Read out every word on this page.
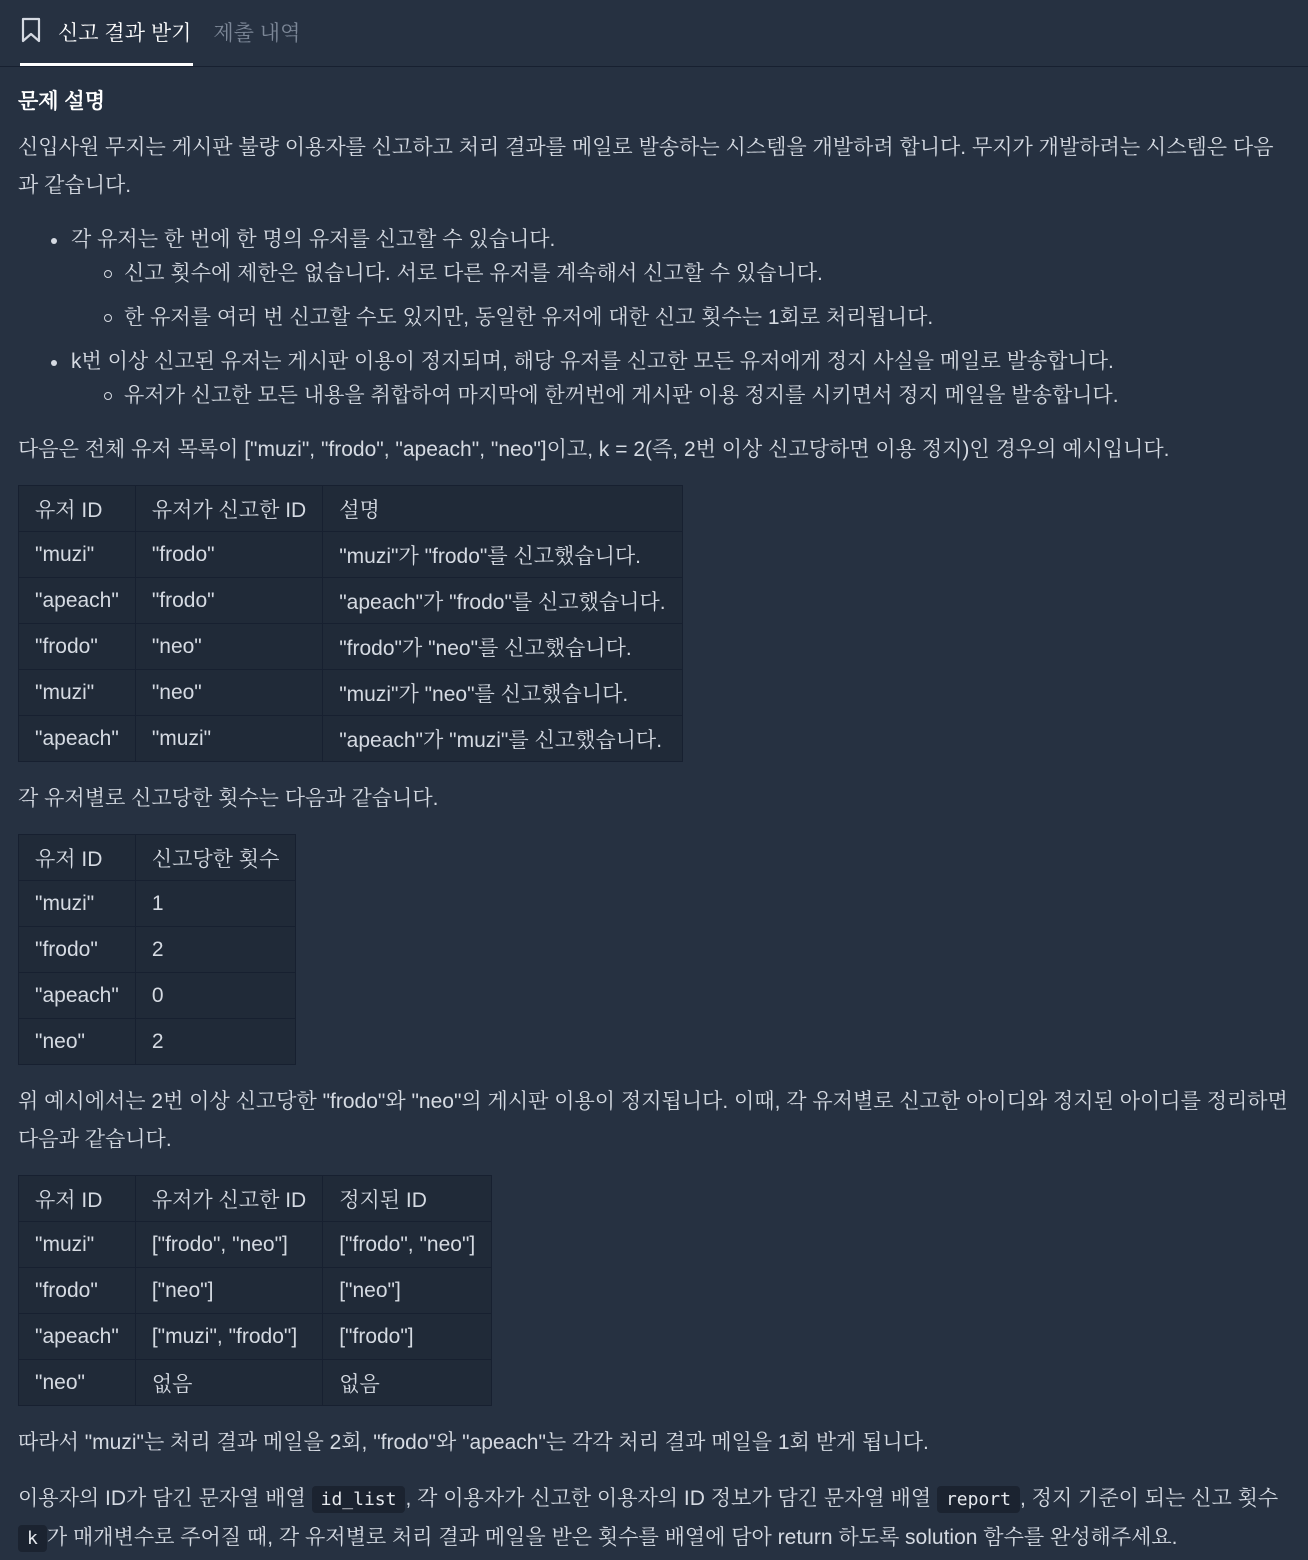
신고 결과 받기 제출 내역
문제 설명

신입사원 무지는 게시판 불량 이용자를 신고하고 처리 결과를 메일로 발송하는 시스템을 개발하려 합니다. 무지가 개발하려는 시스템은 다음과 같습니다.

각 유저는 한 번에 한 명의 유저를 신고할 수 있습니다.
신고 횟수에 제한은 없습니다. 서로 다른 유저를 계속해서 신고할 수 있습니다.
한 유저를 여러 번 신고할 수도 있지만, 동일한 유저에 대한 신고 횟수는 1회로 처리됩니다.
k번 이상 신고된 유저는 게시판 이용이 정지되며, 해당 유저를 신고한 모든 유저에게 정지 사실을 메일로 발송합니다.
유저가 신고한 모든 내용을 취합하여 마지막에 한꺼번에 게시판 이용 정지를 시키면서 정지 메일을 발송합니다.

다음은 전체 유저 목록이 ["muzi", "frodo", "apeach", "neo"]이고, k = 2(즉, 2번 이상 신고당하면 이용 정지)인 경우의 예시입니다.

유저 ID	유저가 신고한 ID	설명
"muzi"	"frodo"	"muzi"가 "frodo"를 신고했습니다.
"apeach"	"frodo"	"apeach"가 "frodo"를 신고했습니다.
"frodo"	"neo"	"frodo"가 "neo"를 신고했습니다.
"muzi"	"neo"	"muzi"가 "neo"를 신고했습니다.
"apeach"	"muzi"	"apeach"가 "muzi"를 신고했습니다.

각 유저별로 신고당한 횟수는 다음과 같습니다.

유저 ID	신고당한 횟수
"muzi"	1
"frodo"	2
"apeach"	0
"neo"	2

위 예시에서는 2번 이상 신고당한 "frodo"와 "neo"의 게시판 이용이 정지됩니다. 이때, 각 유저별로 신고한 아이디와 정지된 아이디를 정리하면 다음과 같습니다.

유저 ID	유저가 신고한 ID	정지된 ID
"muzi"	["frodo", "neo"]	["frodo", "neo"]
"frodo"	["neo"]	["neo"]
"apeach"	["muzi", "frodo"]	["frodo"]
"neo"	없음	없음

따라서 "muzi"는 처리 결과 메일을 2회, "frodo"와 "apeach"는 각각 처리 결과 메일을 1회 받게 됩니다.

이용자의 ID가 담긴 문자열 배열 id_list , 각 이용자가 신고한 이용자의 ID 정보가 담긴 문자열 배열 report , 정지 기준이 되는 신고 횟수 k 가 매개변수로 주어질 때, 각 유저별로 처리 결과 메일을 받은 횟수를 배열에 담아 return 하도록 solution 함수를 완성해주세요.
